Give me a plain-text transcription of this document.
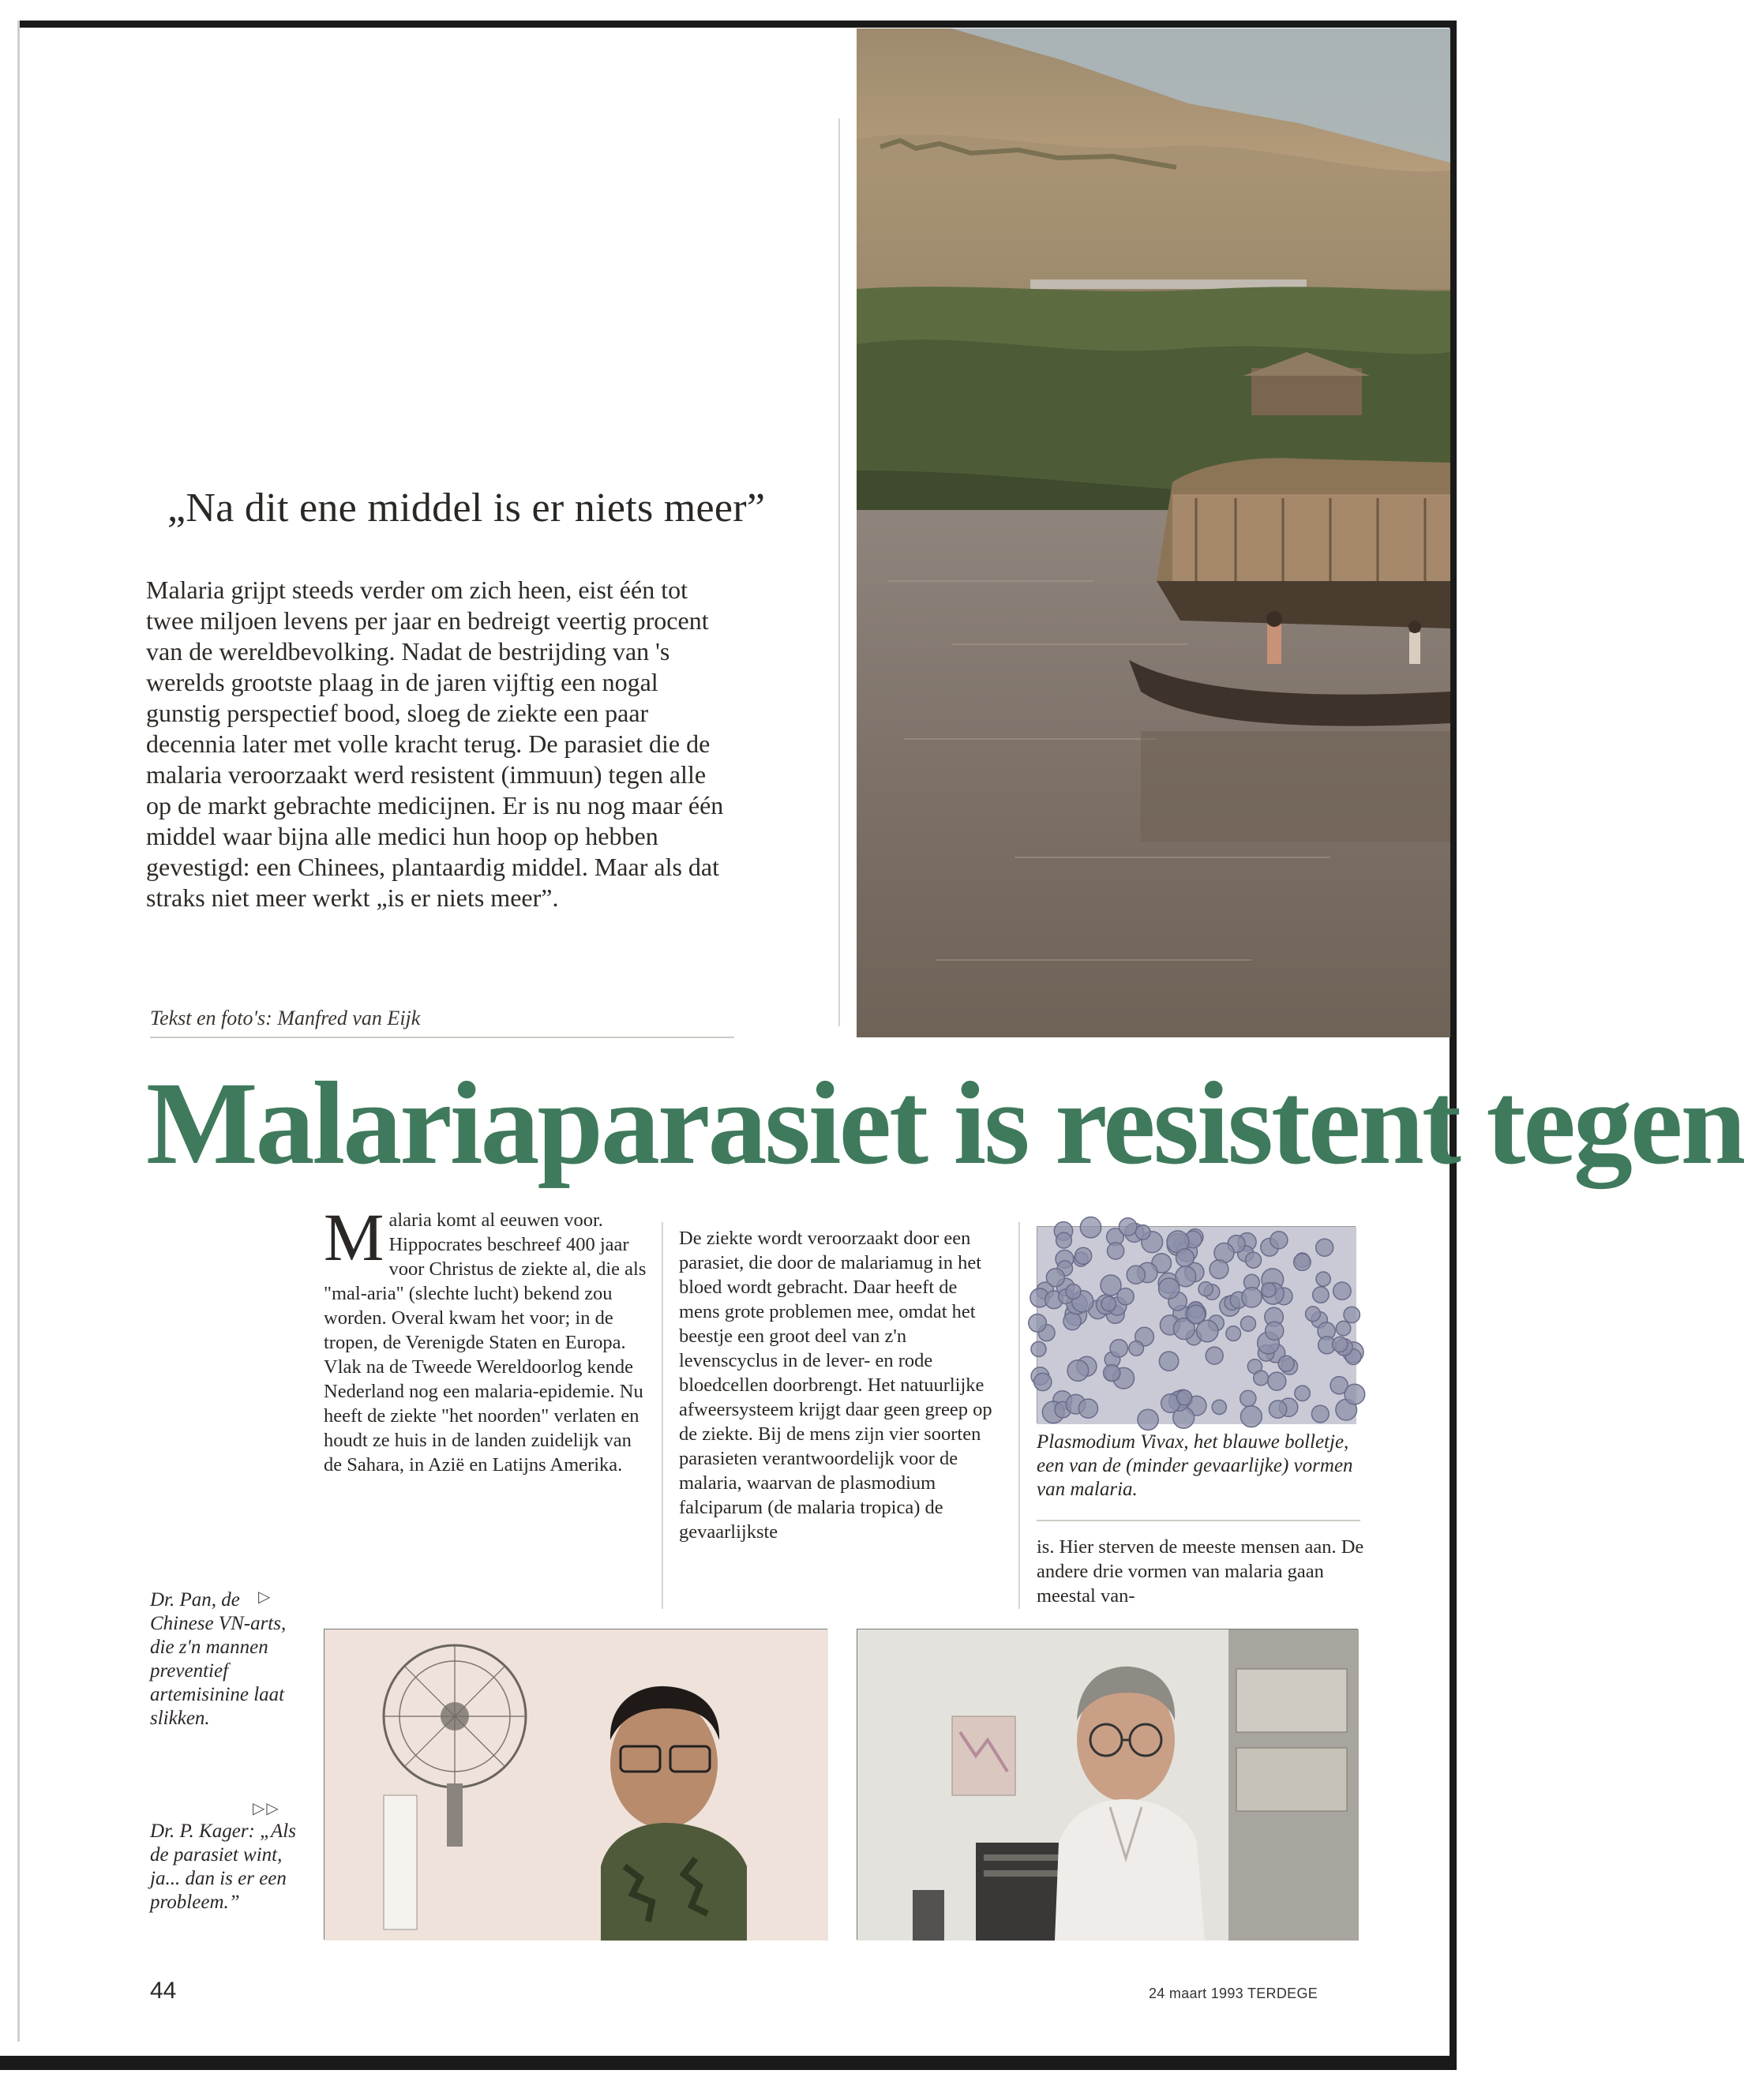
„Na dit ene middel is er niets meer”
Malaria grijpt steeds verder om zich heen, eist één tot twee miljoen levens per jaar en bedreigt veertig procent van de wereldbevolking. Nadat de bestrijding van 's werelds grootste plaag in de jaren vijftig een nogal gunstig perspectief bood, sloeg de ziekte een paar decennia later met volle kracht terug. De parasiet die de malaria veroorzaakt werd resistent (immuun) tegen alle op de markt gebrachte medicijnen. Er is nu nog maar één middel waar bijna alle medici hun hoop op hebben gevestigd: een Chinees, plantaardig middel. Maar als dat straks niet meer werkt „is er niets meer”.
Tekst en foto's: Manfred van Eijk
Malariaparasiet is resistent tegen
M alaria komt al eeuwen voor. Hippocrates beschreef 400 jaar voor Christus de ziekte al, die als "mal-aria" (slechte lucht) bekend zou worden. Overal kwam het voor; in de tropen, de Verenigde Staten en Europa. Vlak na de Tweede Wereldoorlog kende Nederland nog een malaria-epidemie. Nu heeft de ziekte "het noorden" verlaten en houdt ze huis in de landen zuidelijk van de Sahara, in Azië en Latijns Amerika.
De ziekte wordt veroorzaakt door een parasiet, die door de malariamug in het bloed wordt gebracht. Daar heeft de mens grote problemen mee, omdat het beestje een groot deel van z'n levenscyclus in de lever- en rode bloedcellen doorbrengt. Het natuurlijke afweersysteem krijgt daar geen greep op de ziekte. Bij de mens zijn vier soorten parasieten verantwoordelijk voor de malaria, waarvan de plasmodium falciparum (de malaria tropica) de gevaarlijkste
Plasmodium Vivax, het blauwe bolletje, een van de (minder gevaarlijke) vormen van malaria.
is. Hier sterven de meeste mensen aan. De andere drie vormen van malaria gaan meestal van-
Dr. Pan, de Chinese VN-arts, die z'n mannen preventief artemisinine laat slikken.
▷
▷▷
Dr. P. Kager: „Als de parasiet wint, ja... dan is er een probleem.”
44	24 maart 1993 TERDEGE
